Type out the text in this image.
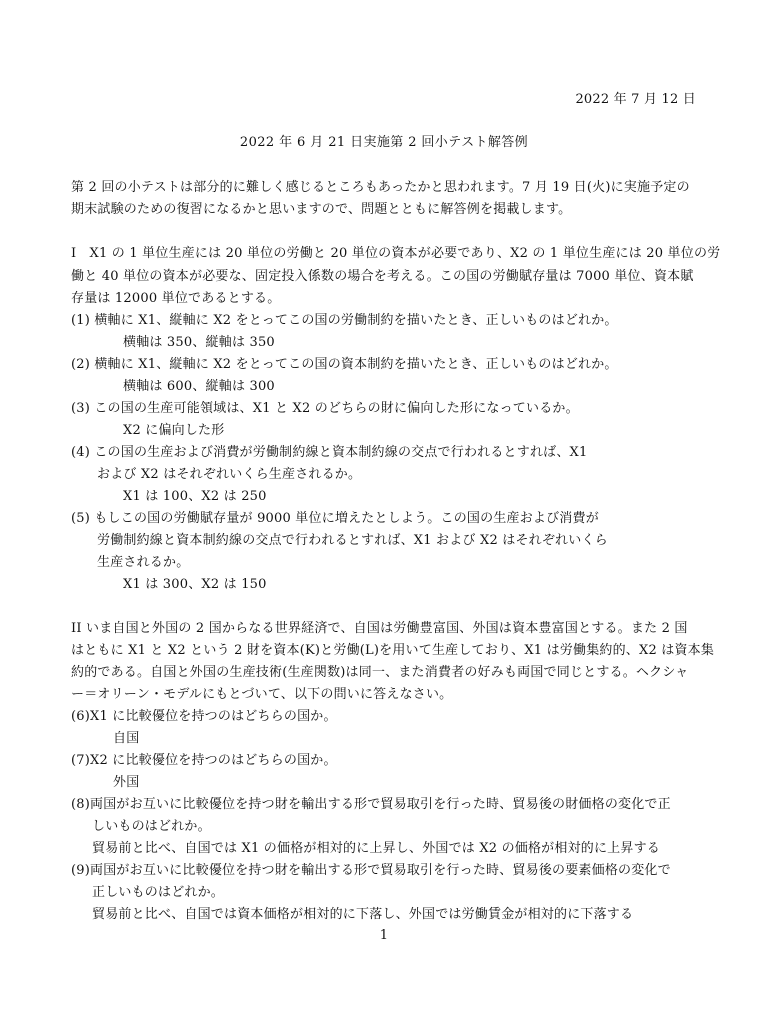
2022 年 7 月 12 日
2022 年 6 月 21 日実施第 2 回小テスト解答例
第 2 回の小テストは部分的に難しく感じるところもあったかと思われます。7 月 19 日(火)に実施予定の
期末試験のための復習になるかと思いますので、問題とともに解答例を掲載します。
I　X1 の 1 単位生産には 20 単位の労働と 20 単位の資本が必要であり、X2 の 1 単位生産には 20 単位の労
働と 40 単位の資本が必要な、固定投入係数の場合を考える。この国の労働賦存量は 7000 単位、資本賦
存量は 12000 単位であるとする。
(1) 横軸に X1、縦軸に X2 をとってこの国の労働制約を描いたとき、正しいものはどれか。
横軸は 350、縦軸は 350
(2) 横軸に X1、縦軸に X2 をとってこの国の資本制約を描いたとき、正しいものはどれか。
横軸は 600、縦軸は 300
(3) この国の生産可能領域は、X1 と X2 のどちらの財に偏向した形になっているか。
X2 に偏向した形
(4) この国の生産および消費が労働制約線と資本制約線の交点で行われるとすれば、X1
および X2 はそれぞれいくら生産されるか。
X1 は 100、X2 は 250
(5) もしこの国の労働賦存量が 9000 単位に増えたとしよう。この国の生産および消費が
労働制約線と資本制約線の交点で行われるとすれば、X1 および X2 はそれぞれいくら
生産されるか。
X1 は 300、X2 は 150
II いま自国と外国の 2 国からなる世界経済で、自国は労働豊富国、外国は資本豊富国とする。また 2 国
はともに X1 と X2 という 2 財を資本(K)と労働(L)を用いて生産しており、X1 は労働集約的、X2 は資本集
約的である。自国と外国の生産技術(生産関数)は同一、また消費者の好みも両国で同じとする。ヘクシャ
ー＝オリーン・モデルにもとづいて、以下の問いに答えなさい。
(6)X1 に比較優位を持つのはどちらの国か。
自国
(7)X2 に比較優位を持つのはどちらの国か。
外国
(8)両国がお互いに比較優位を持つ財を輸出する形で貿易取引を行った時、貿易後の財価格の変化で正
しいものはどれか。
貿易前と比べ、自国では X1 の価格が相対的に上昇し、外国では X2 の価格が相対的に上昇する
(9)両国がお互いに比較優位を持つ財を輸出する形で貿易取引を行った時、貿易後の要素価格の変化で
正しいものはどれか。
貿易前と比べ、自国では資本価格が相対的に下落し、外国では労働賃金が相対的に下落する
1
